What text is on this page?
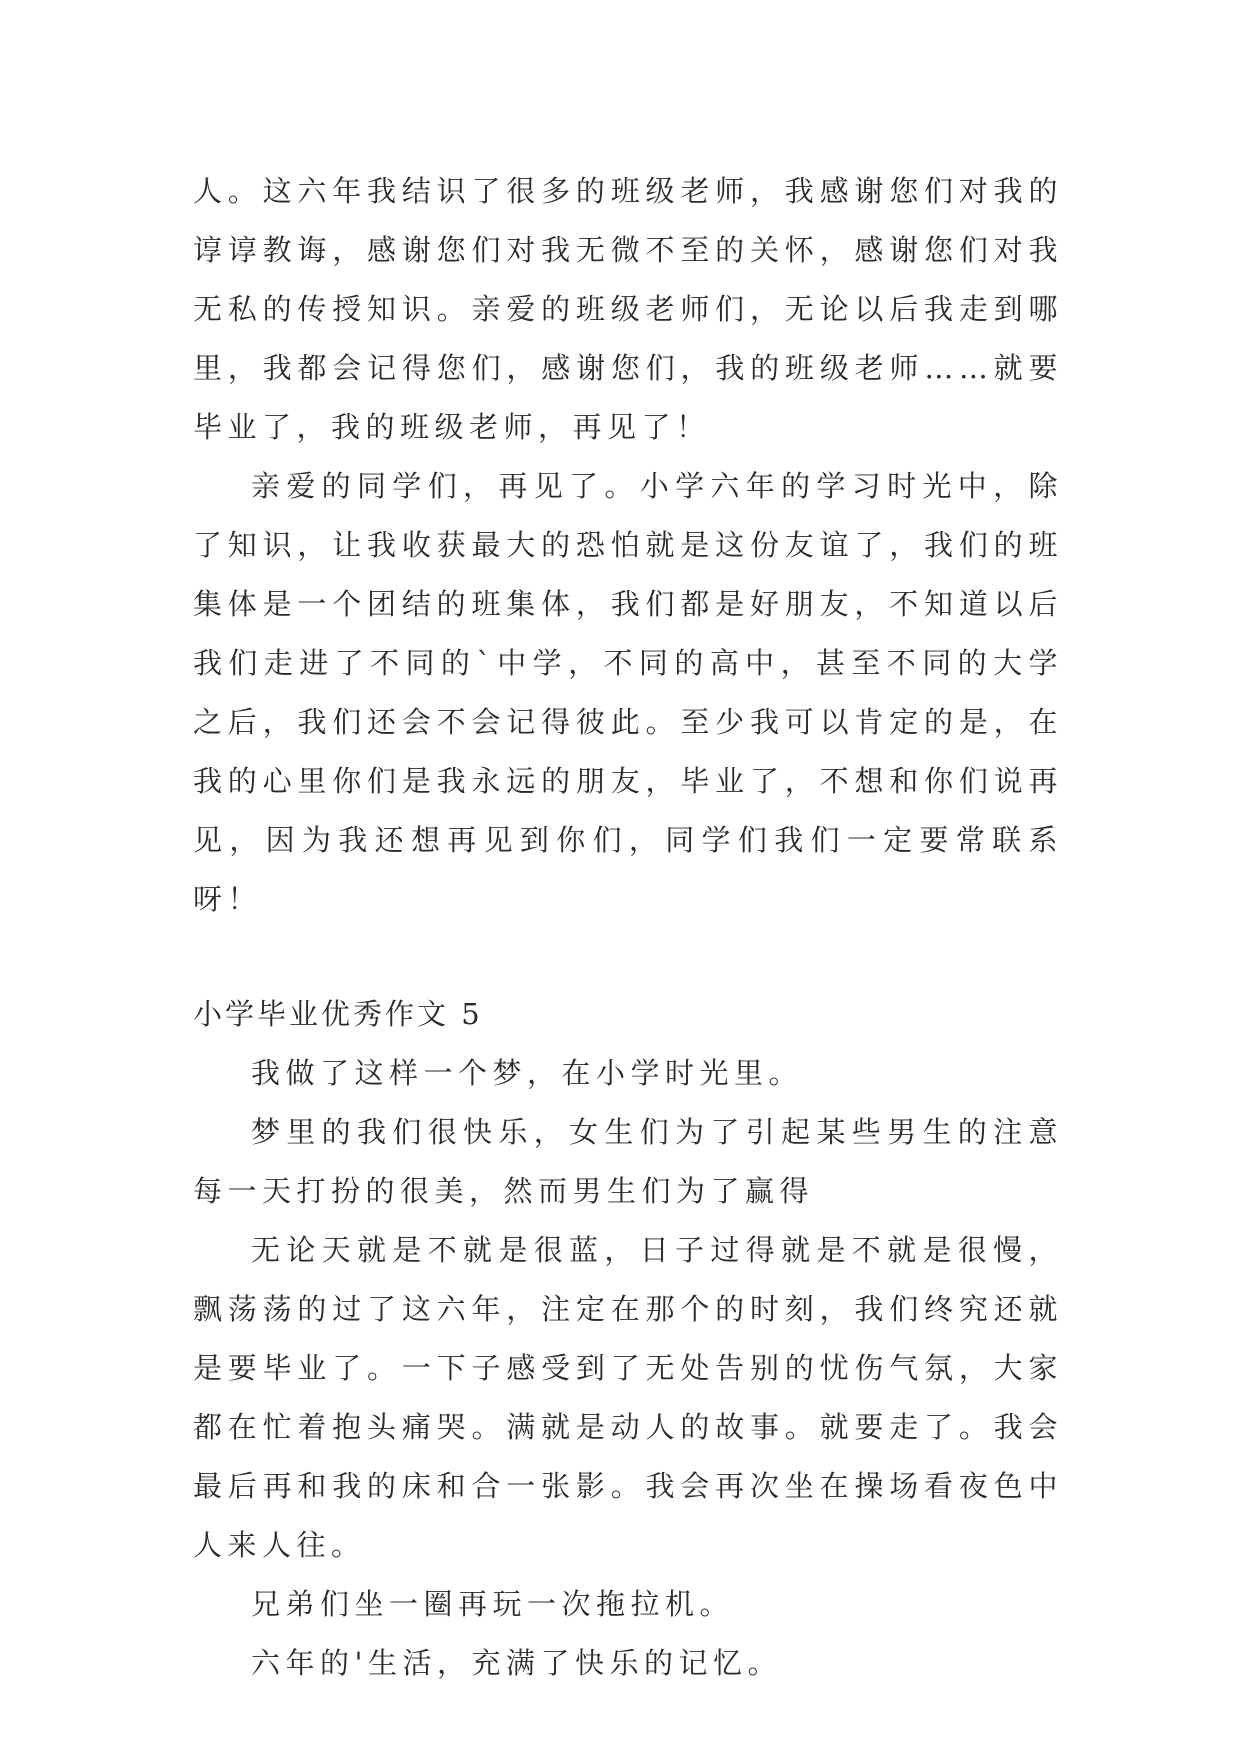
人。这六年我结识了很多的班级老师，我感谢您们对我的谆谆教诲，感谢您们对我无微不至的关怀，感谢您们对我无私的传授知识。亲爱的班级老师们，无论以后我走到哪里，我都会记得您们，感谢您们，我的班级老师……就要毕业了，我的班级老师，再见了！

亲爱的同学们，再见了。小学六年的学习时光中，除了知识，让我收获最大的恐怕就是这份友谊了，我们的班集体是一个团结的班集体，我们都是好朋友，不知道以后我们走进了不同的`中学，不同的高中，甚至不同的大学之后，我们还会不会记得彼此。至少我可以肯定的是，在我的心里你们是我永远的朋友，毕业了，不想和你们说再见，因为我还想再见到你们，同学们我们一定要常联系呀！

小学毕业优秀作文 5

我做了这样一个梦，在小学时光里。

梦里的我们很快乐，女生们为了引起某些男生的注意每一天打扮的很美，然而男生们为了赢得

无论天就是不就是很蓝，日子过得就是不就是很慢，飘荡荡的过了这六年，注定在那个的时刻，我们终究还就是要毕业了。一下子感受到了无处告别的忧伤气氛，大家都在忙着抱头痛哭。满就是动人的故事。就要走了。我会最后再和我的床和合一张影。我会再次坐在操场看夜色中人来人往。

兄弟们坐一圈再玩一次拖拉机。

六年的'生活，充满了快乐的记忆。
